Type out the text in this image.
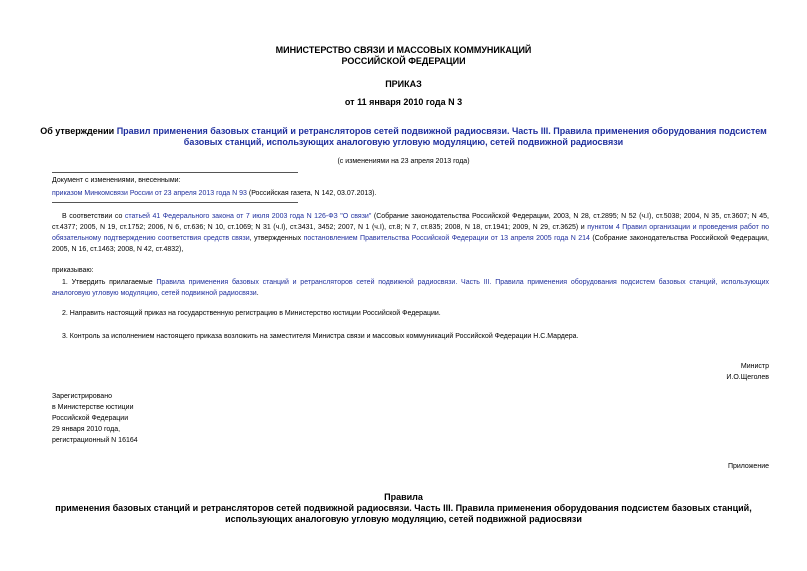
МИНИСТЕРСТВО СВЯЗИ И МАССОВЫХ КОММУНИКАЦИЙ
РОССИЙСКОЙ ФЕДЕРАЦИИ
ПРИКАЗ
от 11 января 2010 года N 3
Об утверждении Правил применения базовых станций и ретрансляторов сетей подвижной радиосвязи. Часть III. Правила применения оборудования подсистем
базовых станций, использующих аналоговую угловую модуляцию, сетей подвижной радиосвязи
(с изменениями на 23 апреля 2013 года)
Документ с изменениями, внесенными:
приказом Минкомсвязи России от 23 апреля 2013 года N 93 (Российская газета, N 142, 03.07.2013).
В соответствии со статьей 41 Федерального закона от 7 июля 2003 года N 126-ФЗ "О связи" (Собрание законодательства Российской Федерации, 2003, N 28, ст.2895; N 52 (ч.I), ст.5038; 2004, N 35, ст.3607; N 45, ст.4377; 2005, N 19, ст.1752; 2006, N 6, ст.636; N 10, ст.1069; N 31 (ч.I), ст.3431, 3452; 2007, N 1 (ч.I), ст.8; N 7, ст.835; 2008, N 18, ст.1941; 2009, N 29, ст.3625) и пунктом 4 Правил организации и проведения работ по обязательному подтверждению соответствия средств связи, утвержденных постановлением Правительства Российской Федерации от 13 апреля 2005 года N 214 (Собрание законодательства Российской Федерации, 2005, N 16, ст.1463; 2008, N 42, ст.4832),
приказываю:
1. Утвердить прилагаемые Правила применения базовых станций и ретрансляторов сетей подвижной радиосвязи. Часть III. Правила применения оборудования подсистем базовых станций, использующих аналоговую угловую модуляцию, сетей подвижной радиосвязи.
2. Направить настоящий приказ на государственную регистрацию в Министерство юстиции Российской Федерации.
3. Контроль за исполнением настоящего приказа возложить на заместителя Министра связи и массовых коммуникаций Российской Федерации Н.С.Мардера.
Министр
И.О.Щеголев
Зарегистрировано
в Министерстве юстиции
Российской Федерации
29 января 2010 года,
регистрационный N 16164
Приложение
Правила
применения базовых станций и ретрансляторов сетей подвижной радиосвязи. Часть III. Правила применения оборудования подсистем базовых станций,
использующих аналоговую угловую модуляцию, сетей подвижной радиосвязи
